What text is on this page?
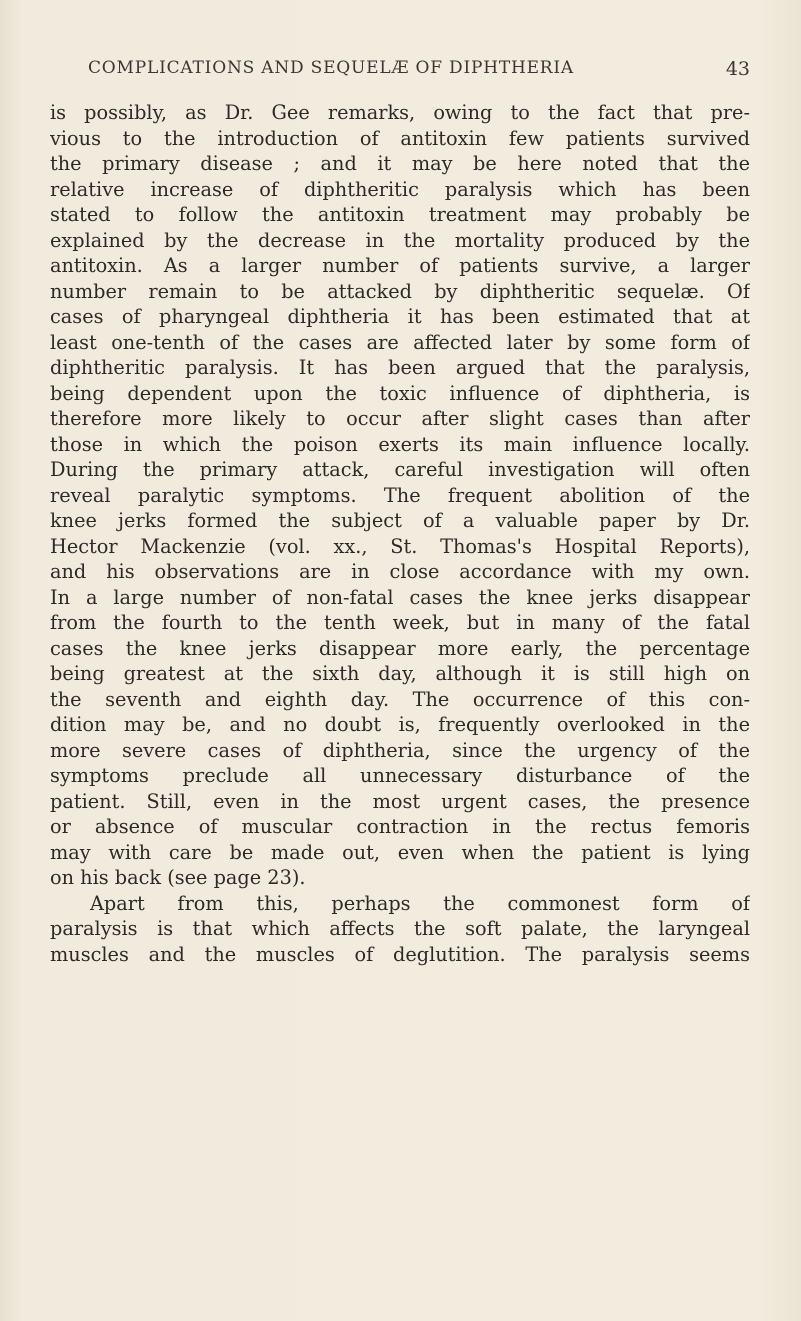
COMPLICATIONS AND SEQUELÆ OF DIPHTHERIA	43
is possibly, as Dr. Gee remarks, owing to the fact that pre-
vious to the introduction of antitoxin few patients survived
the primary disease ; and it may be here noted that the
relative increase of diphtheritic paralysis which has been
stated to follow the antitoxin treatment may probably be
explained by the decrease in the mortality produced by the
antitoxin. As a larger number of patients survive, a larger
number remain to be attacked by diphtheritic sequelæ. Of
cases of pharyngeal diphtheria it has been estimated that at
least one-tenth of the cases are affected later by some form of
diphtheritic paralysis. It has been argued that the paralysis,
being dependent upon the toxic influence of diphtheria, is
therefore more likely to occur after slight cases than after
those in which the poison exerts its main influence locally.
During the primary attack, careful investigation will often
reveal paralytic symptoms. The frequent abolition of the
knee jerks formed the subject of a valuable paper by Dr.
Hector Mackenzie (vol. xx., St. Thomas's Hospital Reports),
and his observations are in close accordance with my own.
In a large number of non-fatal cases the knee jerks disappear
from the fourth to the tenth week, but in many of the fatal
cases the knee jerks disappear more early, the percentage
being greatest at the sixth day, although it is still high on
the seventh and eighth day. The occurrence of this con-
dition may be, and no doubt is, frequently overlooked in the
more severe cases of diphtheria, since the urgency of the
symptoms preclude all unnecessary disturbance of the
patient. Still, even in the most urgent cases, the presence
or absence of muscular contraction in the rectus femoris
may with care be made out, even when the patient is lying
on his back (see page 23).
Apart from this, perhaps the commonest form of
paralysis is that which affects the soft palate, the laryngeal
muscles and the muscles of deglutition. The paralysis seems
